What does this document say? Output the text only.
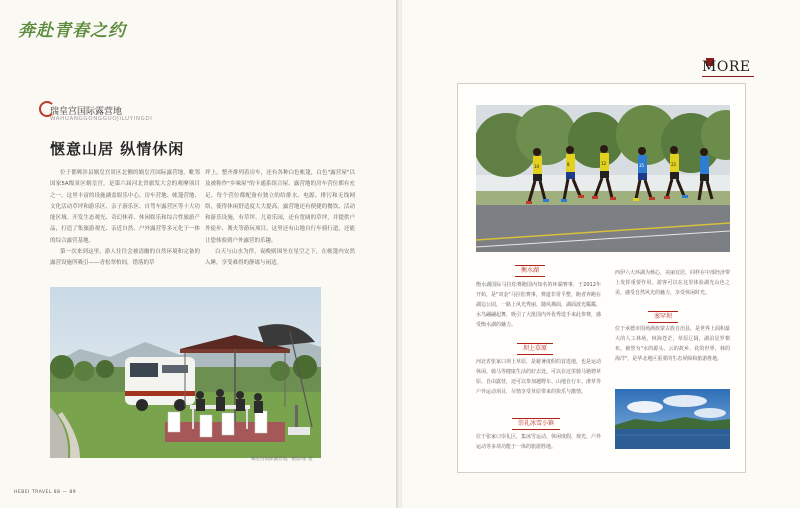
奔赴青春之约
瑞皇宫国际露营地
WAHUANGGONGGUOJILUYINGDI
惬意山居 纵情休闲

位于邯郸涉县娲皇宫景区北侧的娲皇宫国际露营地，毗邻国家5A级景区娲皇宫，是第六届河北省旅发大会的观摩项目之一。这里丰富的设施涵盖娱乐中心、房车营地、帐篷营地、文化活动草坪和游乐区、亲子游乐区、自驾车露营区等十大功能区域。开发生态观光、奇幻休养、休闲娱乐和综合性旅游产品，打造了集旅游观光、亲近自然、户外露营等多元化于一体的综合露营基地。

第一次来到这里，游人往往会被清幽的自然环境和完备的露营设施所吸引——青松翠柏间，错落的草

坪上，整齐排列着房车，还有各种白色帐篷，白色"露营屋"以及被称作"乡味屋"的卡通系组合屋。露营地的房车营位都有充足、每个营位都配备有独立的给排水、电源、排污和无线网络，使得休闲舒适度大大提高。露营地还有便捷的餐饮、活动和游乐设施，有草坪、儿童乐园，还有宽阔的草坪，并提供户外徒步、篝火等游玩项目。这里还有山地自行车骑行道，还能让您体验到户外露营的乐趣。

白天与山水为伴，夜晚则围坐在星空之下，在帐篷内安然入睡，享受难得的静谧与闲适。

娲皇宫国际露营地，摄影/张 超
HEBEI TRAVEL 88 — 89
MORE
34	8	12	35	22
衡水湖
衡水湖国际马拉松赛跑国内知名的环湖赛事，于2012年开始，是"双金"马拉松赛事，赛道非常平整，跑者奔跑在湖边公园，一路上风光秀丽，随风拂面，湖面波光粼粼，水鸟翩翩起舞，吸引了大批国内外优秀选手来此参赛，感受衡水湖的魅力。
坝上草原
河北省张家口坝上草原，是避暑度假的首选地，也是运动休闲、骑马等健康生活的好去处。可以在这里骑马驰骋草原、自由露营，还可以参加越野车、山地自行车、滑草等户外运动项目，尽情享受草原带来的快乐与激情。
崇礼冰雪小镇
位于张家口崇礼区，集冰雪运动、休闲度假、观光、户外运动等多项功能于一体的旅游胜地。
西伊六大环湖为核心，美丽宜居，同样在中部经济带上发挥重要作用。游客可以在这里体验湖光山色之美，感受自然风光的魅力，享受休闲时光。
塞罕坝
位于承德市围场满族蒙古族自治县，是世界上面积最大的人工林场，林海苍茫，草原辽阔，湖泊星罗棋布，被誉为"水的源头、云的故乡、花的世界、林的海洋"，是华北地区重要的生态屏障和旅游胜地。
